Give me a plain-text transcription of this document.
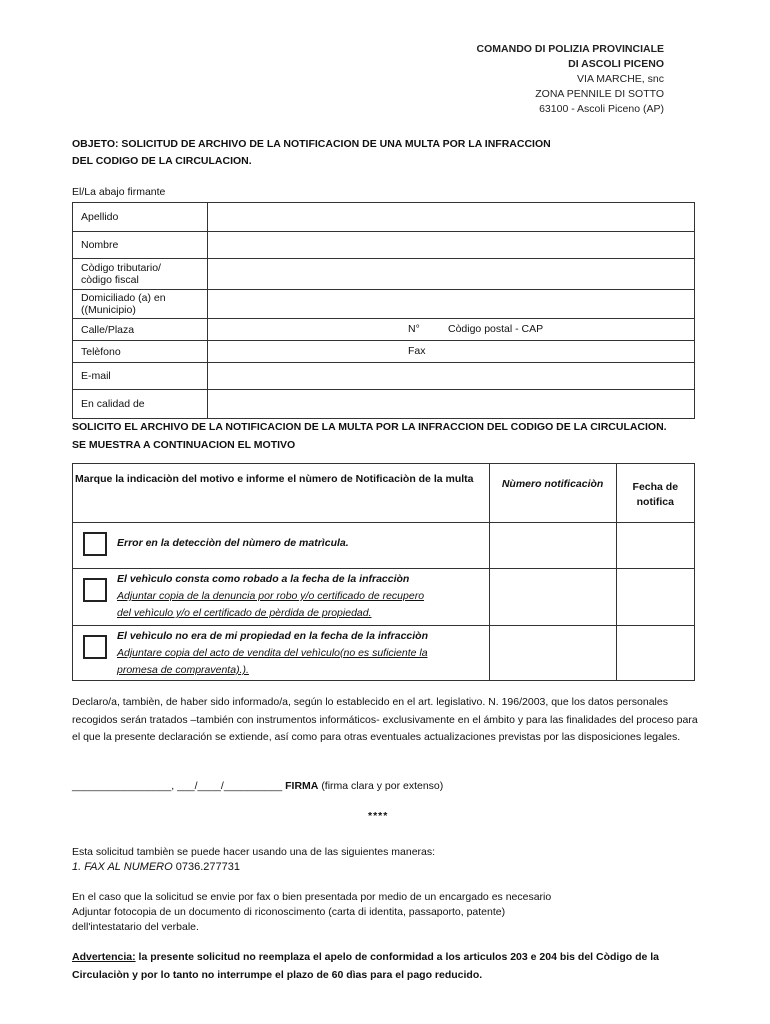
COMANDO DI POLIZIA PROVINCIALE
DI ASCOLI PICENO
VIA MARCHE, snc
ZONA PENNILE DI SOTTO
63100 - Ascoli Piceno (AP)
OBJETO: SOLICITUD DE ARCHIVO DE LA NOTIFICACION DE UNA MULTA POR LA INFRACCION
DEL CODIGO DE LA CIRCULACION.
El/La abajo firmante
Apellido	
Nombre	

Còdigo tributario/
còdigo fiscal	

Domiciliado (a) en
((Municipio)	

Calle/Plaza	N° Còdigo postal - CAP

Telèfono	Fax

E-mail	
En calidad de	
SOLICITO EL ARCHIVO DE LA NOTIFICACION DE LA MULTA POR LA INFRACCION DEL CODIGO DE LA CIRCULACION.
SE MUESTRA A CONTINUACION EL MOTIVO
Marque la indicaciòn del motivo e informe el nùmero de Notificaciòn de la multa		Nùmero notificaciòn	Fecha de notifica

	Error en la detecciòn del nùmero de matrìcula.		

	El vehìculo consta como robado a la fecha de la infracciòn
Adjuntar copia de la denuncia por robo y/o certificado de recupero
del vehìculo y/o el certificado de pèrdida de propiedad.		

	El vehìculo no era de mi propiedad en la fecha de la infracciòn
Adjuntare copia del acto de vendita del vehìculo(no es suficiente la
promesa de compraventa).).		

Declaro/a, tambièn, de haber sido informado/a, según lo establecido en el art. legislativo. N. 196/2003, que los datos personales recogidos serán tratados –también con instrumentos informáticos- exclusivamente en el ámbito y para las finalidades del proceso para el que la presente declaración se extiende, así como para otras eventuales actualizaciones previstas por las disposiciones legales.
_________________, ___/____/__________ FIRMA (firma clara y por extenso)
****
Esta solicitud tambièn se puede hacer usando una de las siguientes maneras:
1. FAX AL NUMERO 0736.277731
En el caso que la solicitud se envie por fax o bien presentada por medio de un encargado es necesario
Adjuntar fotocopia de un documento di riconoscimento (carta di identita, passaporto, patente)
dell'intestatario del verbale.
Advertencia: la presente solicitud no reemplaza el apelo de conformidad a los articulos 203 e 204 bis del Còdigo de la Circulaciòn y por lo tanto no interrumpe el plazo de 60 dìas para el pago reducido.
